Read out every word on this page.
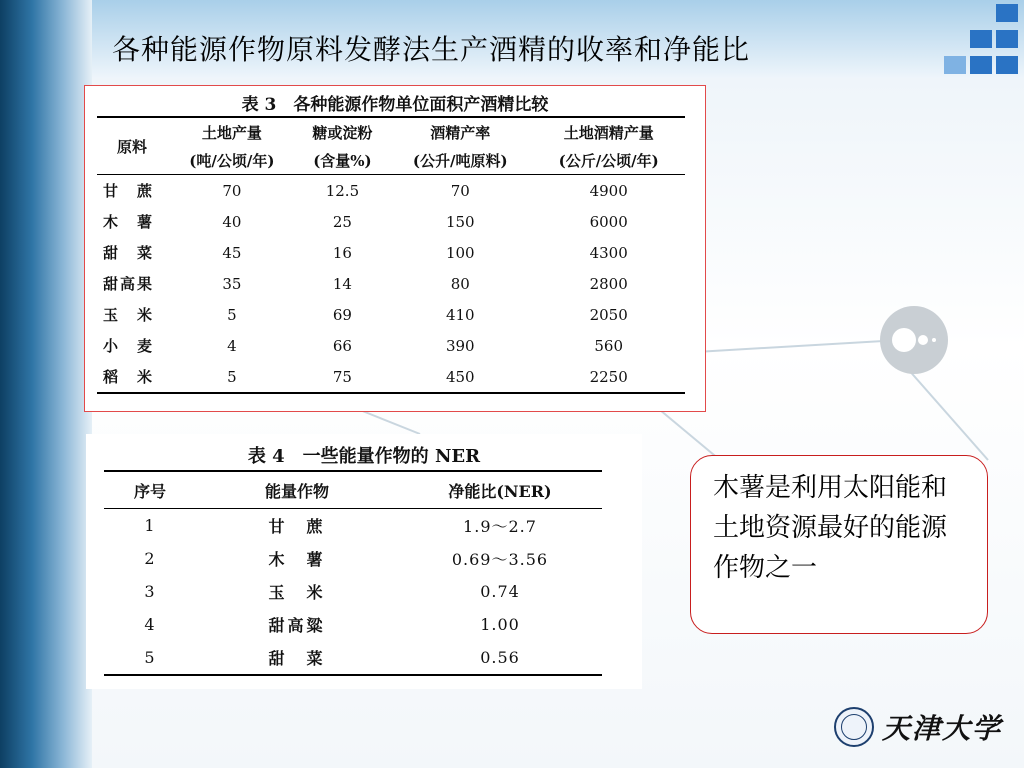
各种能源作物原料发酵法生产酒精的收率和净能比
表 3　各种能源作物单位面积产酒精比较
原料	土地产量	糖或淀粉	酒精产率	土地酒精产量
	(吨/公顷/年)	(含量%)	(公升/吨原料)	(公斤/公顷/年)
甘　蔗	70	12.5	70	4900
木　薯	40	25	150	6000
甜　菜	45	16	100	4300
甜高果	35	14	80	2800
玉　米	5	69	410	2050
小　麦	4	66	390	560
稻　米	5	75	450	2250
表 4　一些能量作物的 NER
序号	能量作物	净能比(NER)
1	甘　蔗	1.9～2.7
2	木　薯	0.69～3.56
3	玉　米	0.74
4	甜高粱	1.00
5	甜　菜	0.56
木薯是利用太阳能和土地资源最好的能源作物之一
天津大学
